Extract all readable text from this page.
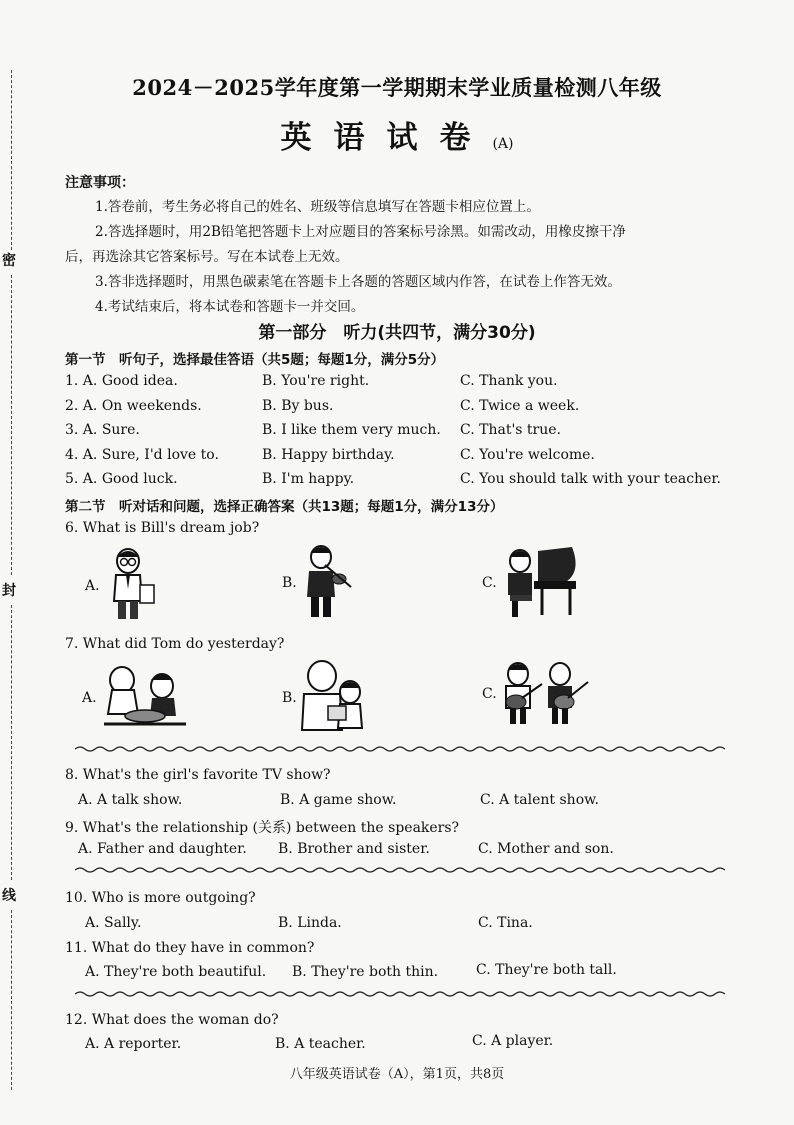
密
封
线
2024－2025学年度第一学期期末学业质量检测八年级
英语试卷(A)
注意事项：
1.答卷前，考生务必将自己的姓名、班级等信息填写在答题卡相应位置上。
2.答选择题时，用2B铅笔把答题卡上对应题目的答案标号涂黑。如需改动，用橡皮擦干净
后，再选涂其它答案标号。写在本试卷上无效。
3.答非选择题时，用黑色碳素笔在答题卡上各题的答题区域内作答，在试卷上作答无效。
4.考试结束后，将本试卷和答题卡一并交回。
第一部分　听力(共四节，满分30分)
第一节　听句子，选择最佳答语（共5题；每题1分，满分5分）
1. A. Good idea.	B. You're right.	C. Thank you.
2. A. On weekends.	B. By bus.	C. Twice a week.
3. A. Sure.	B. I like them very much. C. That's true.
4. A. Sure, I'd love to.	B. Happy birthday.	C. You're welcome.
5. A. Good luck.	B. I'm happy.	C. You should talk with your teacher.
第二节　听对话和问题，选择正确答案（共13题；每题1分，满分13分）
6. What is Bill's dream job?
A.	B.	C.
7. What did Tom do yesterday?
A.	B.	C.
8. What's the girl's favorite TV show?
A. A talk show.	B. A game show.	C. A talent show.
9. What's the relationship (关系) between the speakers?
A. Father and daughter. B. Brother and sister.	C. Mother and son.
10. Who is more outgoing?
A. Sally.	B. Linda.	C. Tina.
11. What do they have in common?
A. They're both beautiful. B. They're both thin.	C. They're both tall.
12. What does the woman do?
A. A reporter.	B. A teacher.	C. A player.
八年级英语试卷（A），第1页，共8页
